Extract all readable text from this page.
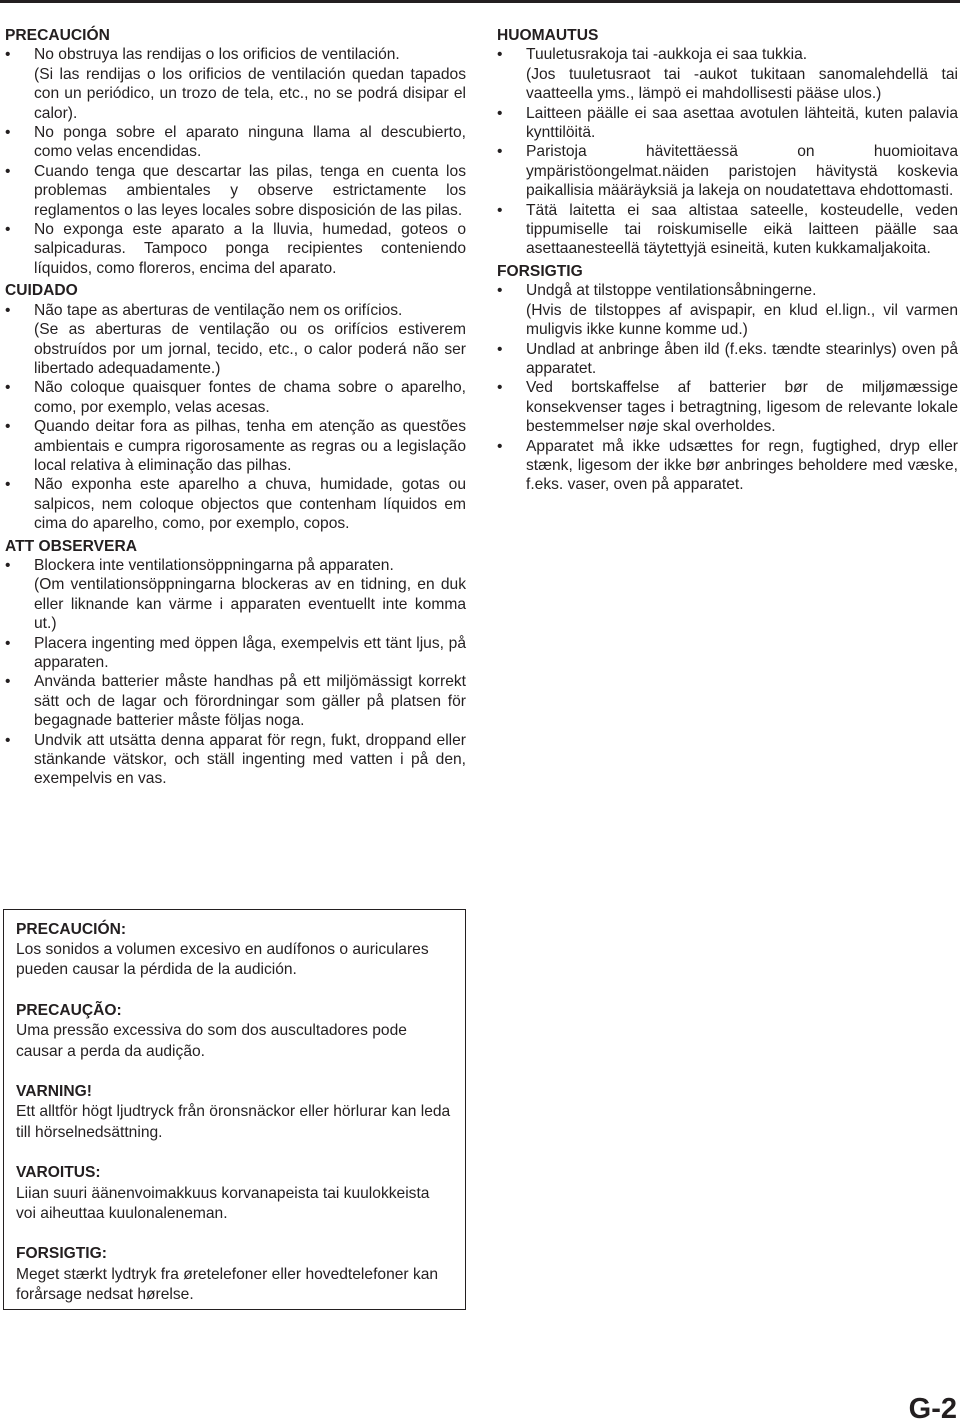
PRECAUCIÓN
•
No obstruya las rendijas o los orificios de ventilación.
(Si las rendijas o los orificios de ventilación quedan tapados con un periódico, un trozo de tela, etc., no se podrá disipar el calor).
•
No ponga sobre el aparato ninguna llama al descubierto, como velas encendidas.
•
Cuando tenga que descartar las pilas, tenga en cuenta los problemas ambientales y observe estrictamente los reglamentos o las leyes locales sobre disposición de las pilas.
•
No exponga este aparato a la lluvia, humedad, goteos o salpicaduras. Tampoco ponga recipientes conteniendo líquidos, como floreros, encima del aparato.
CUIDADO
•
Não tape as aberturas de ventilação nem os orifícios.
(Se as aberturas de ventilação ou os orifícios estiverem obstruídos por um jornal, tecido, etc., o calor poderá não ser libertado adequadamente.)
•
Não coloque quaisquer fontes de chama sobre o aparelho, como, por exemplo, velas acesas.
•
Quando deitar fora as pilhas, tenha em atenção as questões ambientais e cumpra rigorosamente as regras ou a legislação local relativa à eliminação das pilhas.
•
Não exponha este aparelho a chuva, humidade, gotas ou salpicos, nem coloque objectos que contenham líquidos em cima do aparelho, como, por exemplo, copos.
ATT OBSERVERA
•
Blockera inte ventilationsöppningarna på apparaten.
(Om ventilationsöppningarna blockeras av en tidning, en duk eller liknande kan värme i apparaten eventuellt inte komma ut.)
•
Placera ingenting med öppen låga, exempelvis ett tänt ljus, på apparaten.
•
Använda batterier måste handhas på ett miljömässigt korrekt sätt och de lagar och förordningar som gäller på platsen för begagnade batterier måste följas noga.
•
Undvik att utsätta denna apparat för regn, fukt, droppand eller stänkande vätskor, och ställ ingenting med vatten i på den, exempelvis en vas.
HUOMAUTUS
•
Tuuletusrakoja tai -aukkoja ei saa tukkia.
(Jos tuuletusraot tai -aukot tukitaan sanomalehdellä tai vaatteella yms., lämpö ei mahdollisesti pääse ulos.)
•
Laitteen päälle ei saa asettaa avotulen lähteitä, kuten palavia kynttilöitä.
•
Paristoja hävitettäessä on huomioitava ympäristöongelmat.näiden paristojen hävitystä koskevia paikallisia määräyksiä ja lakeja on noudatettava ehdottomasti.
•
Tätä laitetta ei saa altistaa sateelle, kosteudelle, veden tippumiselle tai roiskumiselle eikä laitteen päälle saa asettaanesteellä täytettyjä esineitä, kuten kukkamaljakoita.
FORSIGTIG
•
Undgå at tilstoppe ventilationsåbningerne.
(Hvis de tilstoppes af avispapir, en klud el.lign., vil varmen muligvis ikke kunne komme ud.)
•
Undlad at anbringe åben ild (f.eks. tændte stearinlys) oven på apparatet.
•
Ved bortskaffelse af batterier bør de miljømæssige konsekvenser tages i betragtning, ligesom de relevante lokale bestemmelser nøje skal overholdes.
•
Apparatet må ikke udsættes for regn, fugtighed, dryp eller stænk, ligesom der ikke bør anbringes beholdere med væske, f.eks. vaser, oven på apparatet.
PRECAUCIÓN:
Los sonidos a volumen excesivo en audífonos o auriculares pueden causar la pérdida de la audición.
PRECAUÇÃO:
Uma pressão excessiva do som dos auscultadores pode causar a perda da audição.
VARNING!
Ett alltför högt ljudtryck från öronsnäckor eller hörlurar kan leda till hörselnedsättning.
VAROITUS:
Liian suuri äänenvoimakkuus korvanapeista tai kuulokkeista voi aiheuttaa kuulonaleneman.
FORSIGTIG:
Meget stærkt lydtryk fra øretelefoner eller hovedtelefoner kan forårsage nedsat hørelse.
G-2
